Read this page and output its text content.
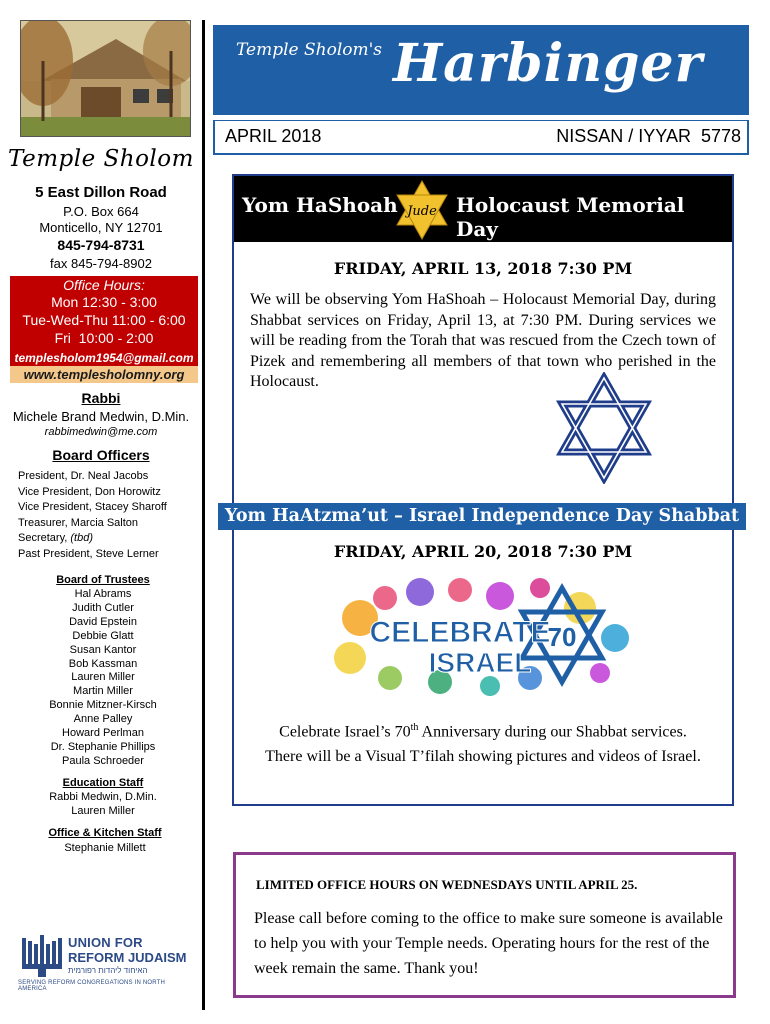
Temple Sholom
5 East Dillon Road
P.O. Box 664
Monticello, NY 12701
845-794-8731
fax 845-794-8902
Office Hours:
Mon 12:30 - 3:00
Tue-Wed-Thu 11:00 - 6:00
Fri  10:00 - 2:00
templesholom1954@gmail.com
www.templesholomny.org
Rabbi
Michele Brand Medwin, D.Min.
rabbimedwin@me.com
Board Officers
President, Dr. Neal Jacobs
Vice President, Don Horowitz
Vice President, Stacey Sharoff
Treasurer, Marcia Salton
Secretary, (tbd)
Past President, Steve Lerner
Board of Trustees
Hal Abrams
Judith Cutler
David Epstein
Debbie Glatt
Susan Kantor
Bob Kassman
Lauren Miller
Martin Miller
Bonnie Mitzner-Kirsch
Anne Palley
Howard Perlman
Dr. Stephanie Phillips
Paula Schroeder
Education Staff
Rabbi Medwin, D.Min.
Lauren Miller
Office & Kitchen Staff
Stephanie Millett
UNION FOR
REFORM JUDAISM
האיחוד ליהדות רפורמית
SERVING REFORM CONGREGATIONS IN NORTH AMERICA
Temple Sholom's Harbinger
APRIL 2018	NISSAN / IYYAR  5778
Yom HaShoah Jude Holocaust Memorial Day
FRIDAY, APRIL 13, 2018 7:30 PM
We will be observing Yom HaShoah – Holocaust Memorial Day, during Shabbat services on Friday, April 13, at 7:30 PM. During services we will be reading from the Torah that was rescued from the Czech town of Pizek and remembering all members of that town who perished in the Holocaust.
Yom HaAtzma’ut – Israel Independence Day Shabbat
FRIDAY, APRIL 20, 2018 7:30 PM
CELEBRATE
ISRAEL
70
Celebrate Israel’s 70th Anniversary during our Shabbat services.
There will be a Visual T’filah showing pictures and videos of Israel.
LIMITED OFFICE HOURS ON WEDNESDAYS UNTIL APRIL 25.
Please call before coming to the office to make sure someone is available to help you with your Temple needs. Operating hours for the rest of the week remain the same. Thank you!
